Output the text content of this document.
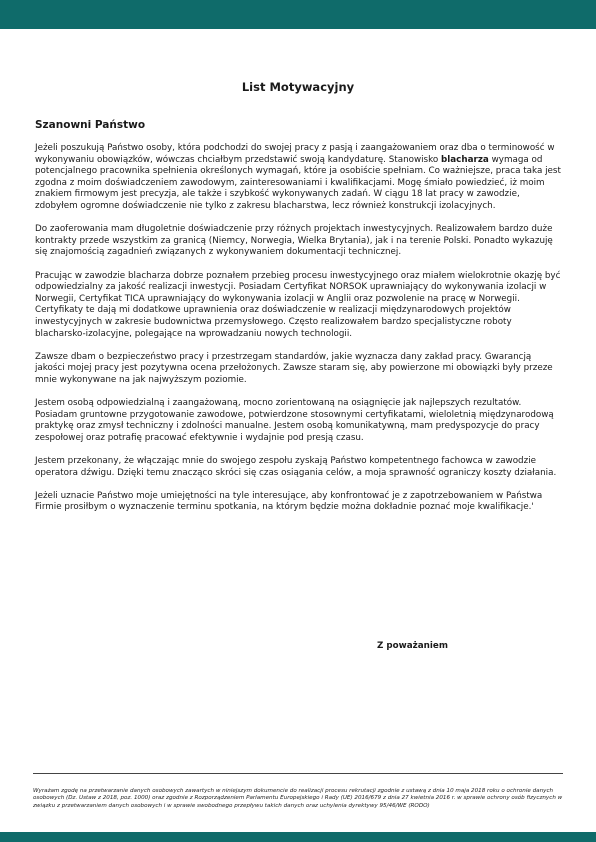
List Motywacyjny
Szanowni Państwo

Jeżeli poszukują Państwo osoby, która podchodzi do swojej pracy z pasją i zaangażowaniem oraz dba o terminowość w wykonywaniu obowiązków, wówczas chciałbym przedstawić swoją kandydaturę. Stanowisko blacharza wymaga od potencjalnego pracownika spełnienia określonych wymagań, które ja osobiście spełniam. Co ważniejsze, praca taka jest zgodna z moim doświadczeniem zawodowym, zainteresowaniami i kwalifikacjami. Mogę śmiało powiedzieć, iż moim znakiem firmowym jest precyzja, ale także i szybkość wykonywanych zadań. W ciągu 18 lat pracy w zawodzie, zdobyłem ogromne doświadczenie nie tylko z zakresu blacharstwa, lecz również konstrukcji izolacyjnych.

Do zaoferowania mam długoletnie doświadczenie przy różnych projektach inwestycyjnych. Realizowałem bardzo duże kontrakty przede wszystkim za granicą (Niemcy, Norwegia, Wielka Brytania), jak i na terenie Polski. Ponadto wykazuję się znajomością zagadnień związanych z wykonywaniem dokumentacji technicznej.

Pracując w zawodzie blacharza dobrze poznałem przebieg procesu inwestycyjnego oraz miałem wielokrotnie okazję być odpowiedzialny za jakość realizacji inwestycji. Posiadam Certyfikat NORSOK uprawniający do wykonywania izolacji w Norwegii, Certyfikat TICA uprawniający do wykonywania izolacji w Anglii oraz pozwolenie na pracę w Norwegii. Certyfikaty te dają mi dodatkowe uprawnienia oraz doświadczenie w realizacji międzynarodowych projektów inwestycyjnych w zakresie budownictwa przemysłowego. Często realizowałem bardzo specjalistyczne roboty blacharsko-izolacyjne, polegające na wprowadzaniu nowych technologii.

Zawsze dbam o bezpieczeństwo pracy i przestrzegam standardów, jakie wyznacza dany zakład pracy. Gwarancją jakości mojej pracy jest pozytywna ocena przełożonych. Zawsze staram się, aby powierzone mi obowiązki były przeze mnie wykonywane na jak najwyższym poziomie.

Jestem osobą odpowiedzialną i zaangażowaną, mocno zorientowaną na osiągnięcie jak najlepszych rezultatów. Posiadam gruntowne przygotowanie zawodowe, potwierdzone stosownymi certyfikatami, wieloletnią międzynarodową praktykę oraz zmysł techniczny i zdolności manualne. Jestem osobą komunikatywną, mam predyspozycje do pracy zespołowej oraz potrafię pracować efektywnie i wydajnie pod presją czasu.

Jestem przekonany, że włączając mnie do swojego zespołu zyskają Państwo kompetentnego fachowca w zawodzie operatora dźwigu. Dzięki temu znacząco skróci się czas osiągania celów, a moja sprawność ograniczy koszty działania.

Jeżeli uznacie Państwo moje umiejętności na tyle interesujące, aby konfrontować je z zapotrzebowaniem w Państwa Firmie prosiłbym o wyznaczenie terminu spotkania, na którym będzie można dokładnie poznać moje kwalifikacje.'

Z poważaniem
Wyrażam zgodę na przetwarzanie danych osobowych zawartych w niniejszym dokumencie do realizacji procesu rekrutacji zgodnie z ustawą z dnia 10 maja 2018 roku o ochronie danych osobowych (Dz. Ustaw z 2018, poz. 1000) oraz zgodnie z Rozporządzeniem Parlamentu Europejskiego i Rady (UE) 2016/679 z dnia 27 kwietnia 2016 r. w sprawie ochrony osób fizycznych w związku z przetwarzaniem danych osobowych i w sprawie swobodnego przepływu takich danych oraz uchylenia dyrektywy 95/46/WE (RODO)
